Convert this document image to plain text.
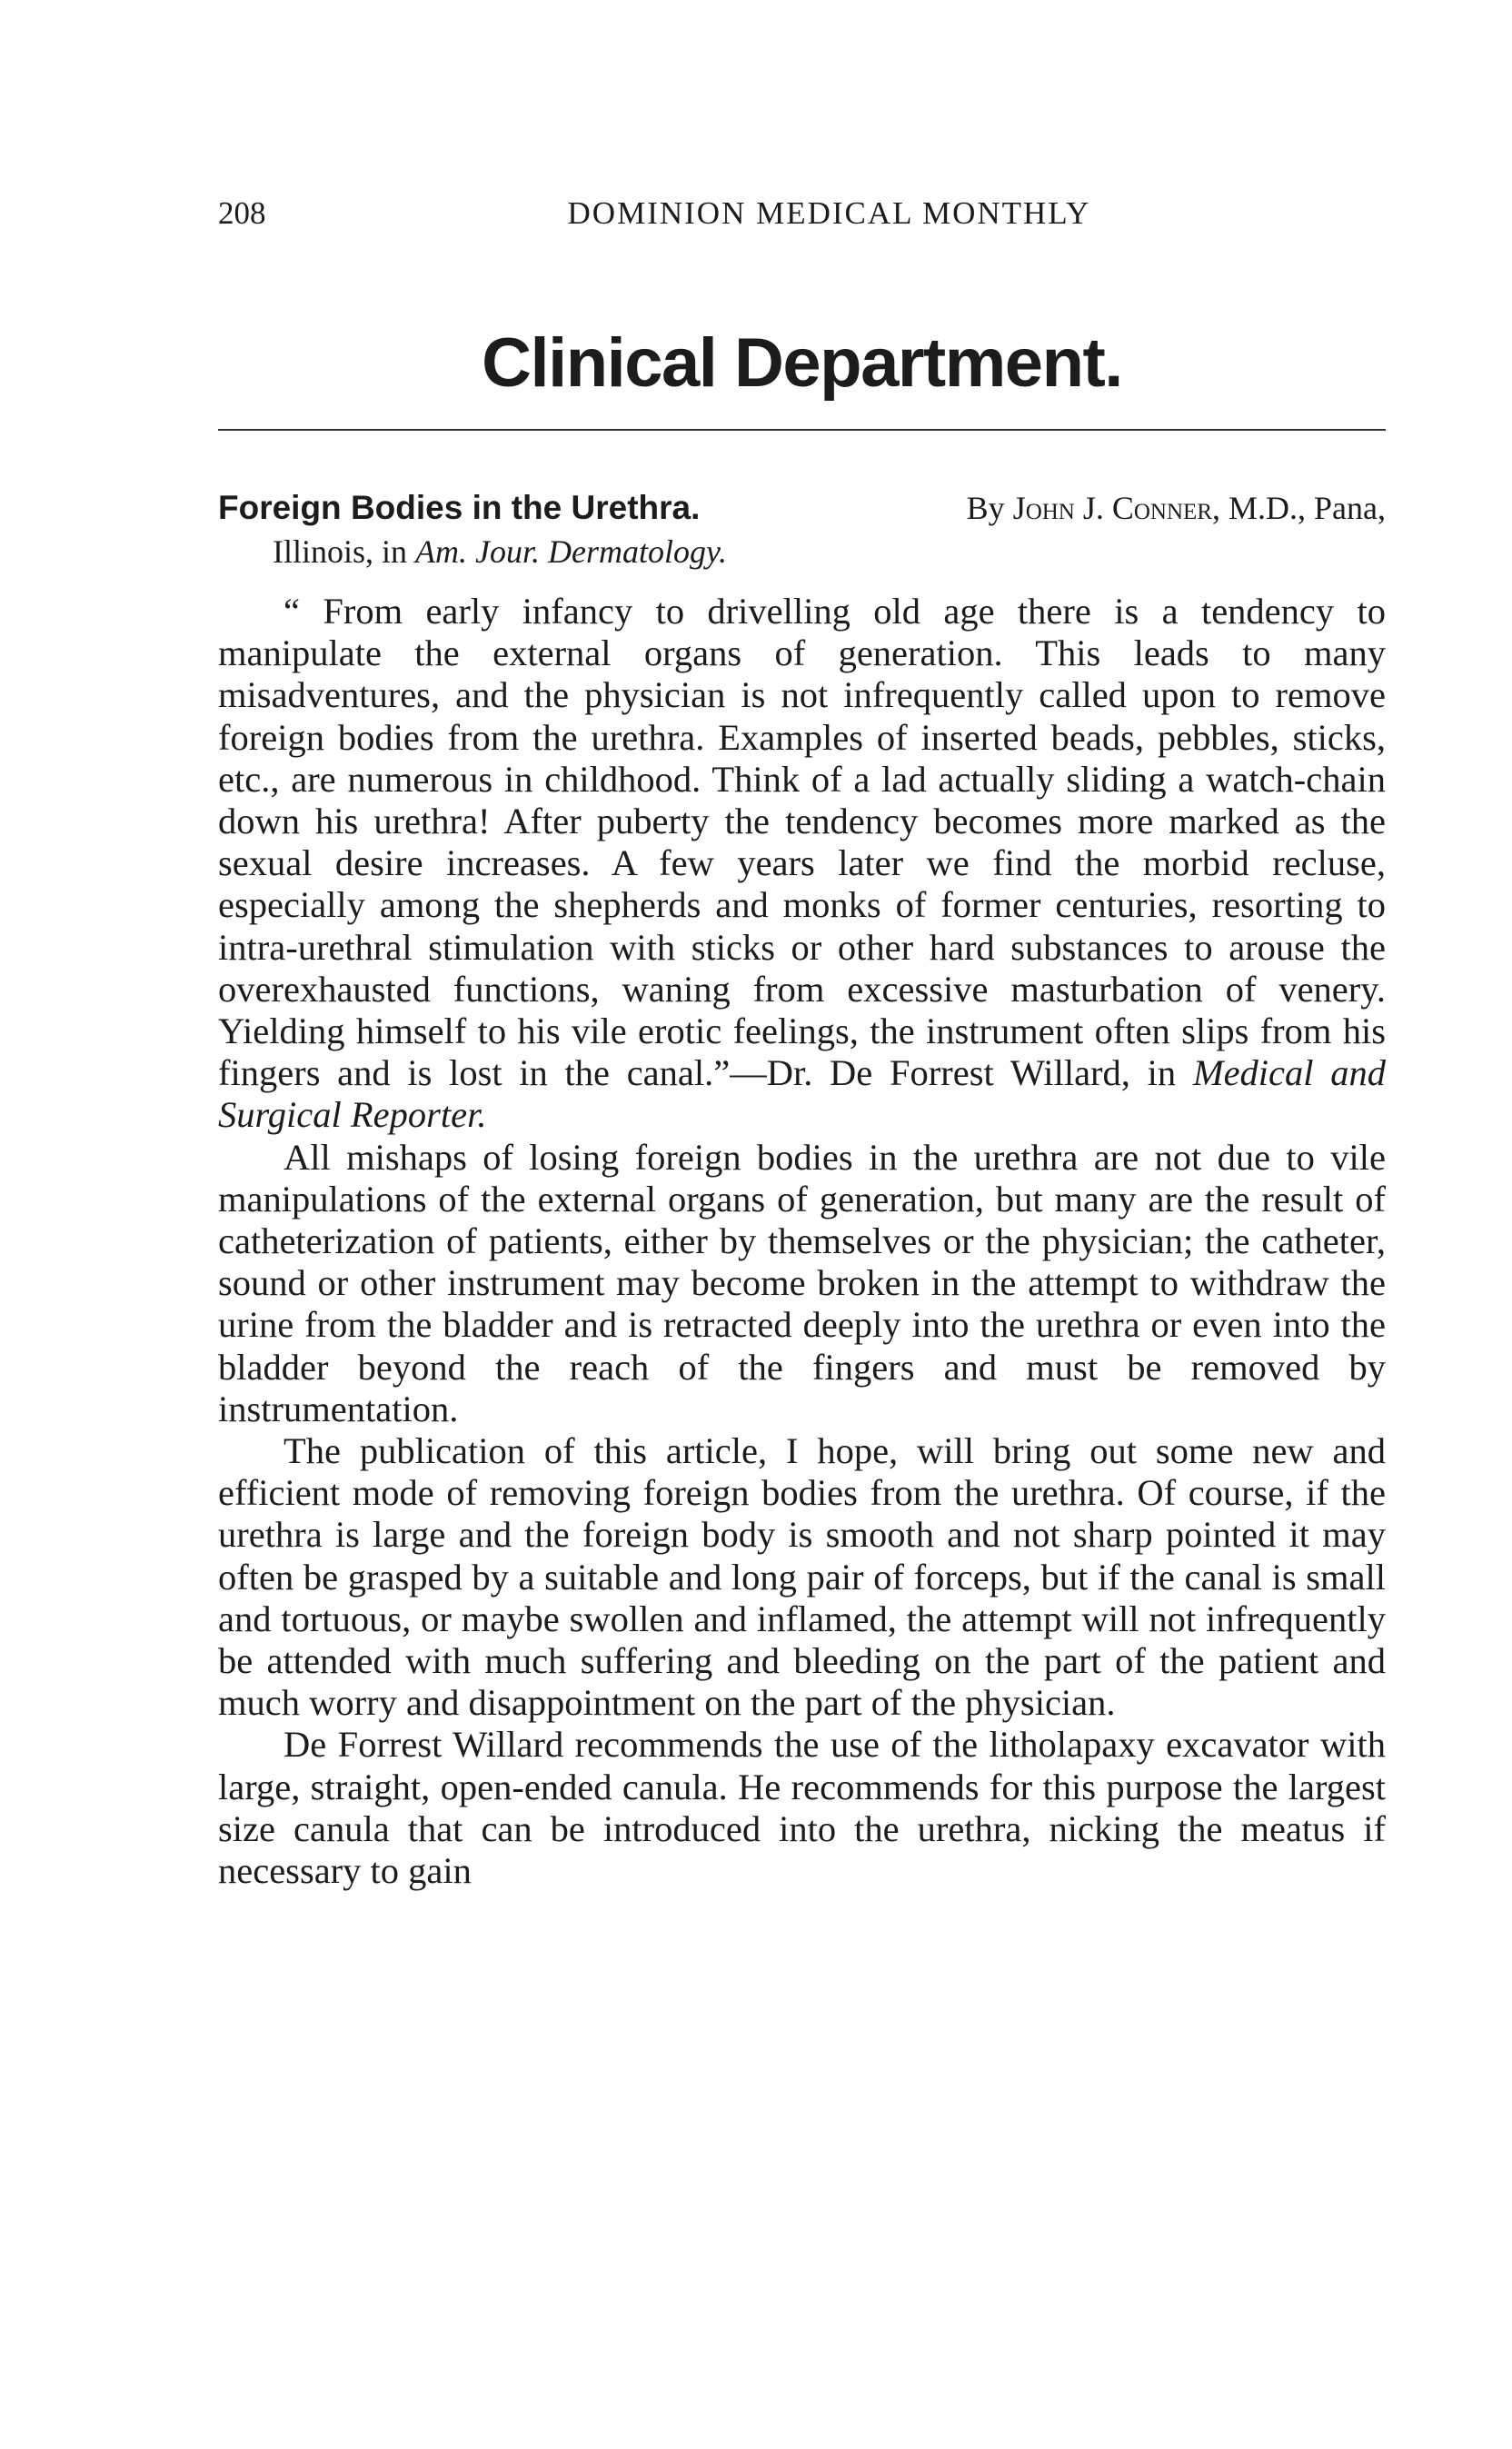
208	DOMINION MEDICAL MONTHLY
Clinical Department.
Foreign Bodies in the Urethra.	By John J. Conner, M.D., Pana,
Illinois, in Am. Jour. Dermatology.

“ From early infancy to drivelling old age there is a tendency to manipulate the external organs of generation. This leads to many misadventures, and the physician is not infrequently called upon to remove foreign bodies from the urethra. Examples of inserted beads, pebbles, sticks, etc., are numerous in childhood. Think of a lad actually sliding a watch-chain down his urethra! After puberty the tendency becomes more marked as the sexual desire increases. A few years later we find the morbid recluse, especially among the shepherds and monks of former centuries, resorting to intra-urethral stimulation with sticks or other hard substances to arouse the overexhausted functions, waning from excessive masturbation of venery. Yielding himself to his vile erotic feelings, the instrument often slips from his fingers and is lost in the canal.”—Dr. De Forrest Willard, in Medical and Surgical Reporter.

All mishaps of losing foreign bodies in the urethra are not due to vile manipulations of the external organs of generation, but many are the result of catheterization of patients, either by themselves or the physician; the catheter, sound or other instrument may become broken in the attempt to withdraw the urine from the bladder and is retracted deeply into the urethra or even into the bladder beyond the reach of the fingers and must be removed by instrumentation.

The publication of this article, I hope, will bring out some new and efficient mode of removing foreign bodies from the urethra. Of course, if the urethra is large and the foreign body is smooth and not sharp pointed it may often be grasped by a suitable and long pair of forceps, but if the canal is small and tortuous, or maybe swollen and inflamed, the attempt will not infrequently be attended with much suffering and bleeding on the part of the patient and much worry and disappointment on the part of the physician.

De Forrest Willard recommends the use of the litholapaxy excavator with large, straight, open-ended canula. He recommends for this purpose the largest size canula that can be introduced into the urethra, nicking the meatus if necessary to gain
